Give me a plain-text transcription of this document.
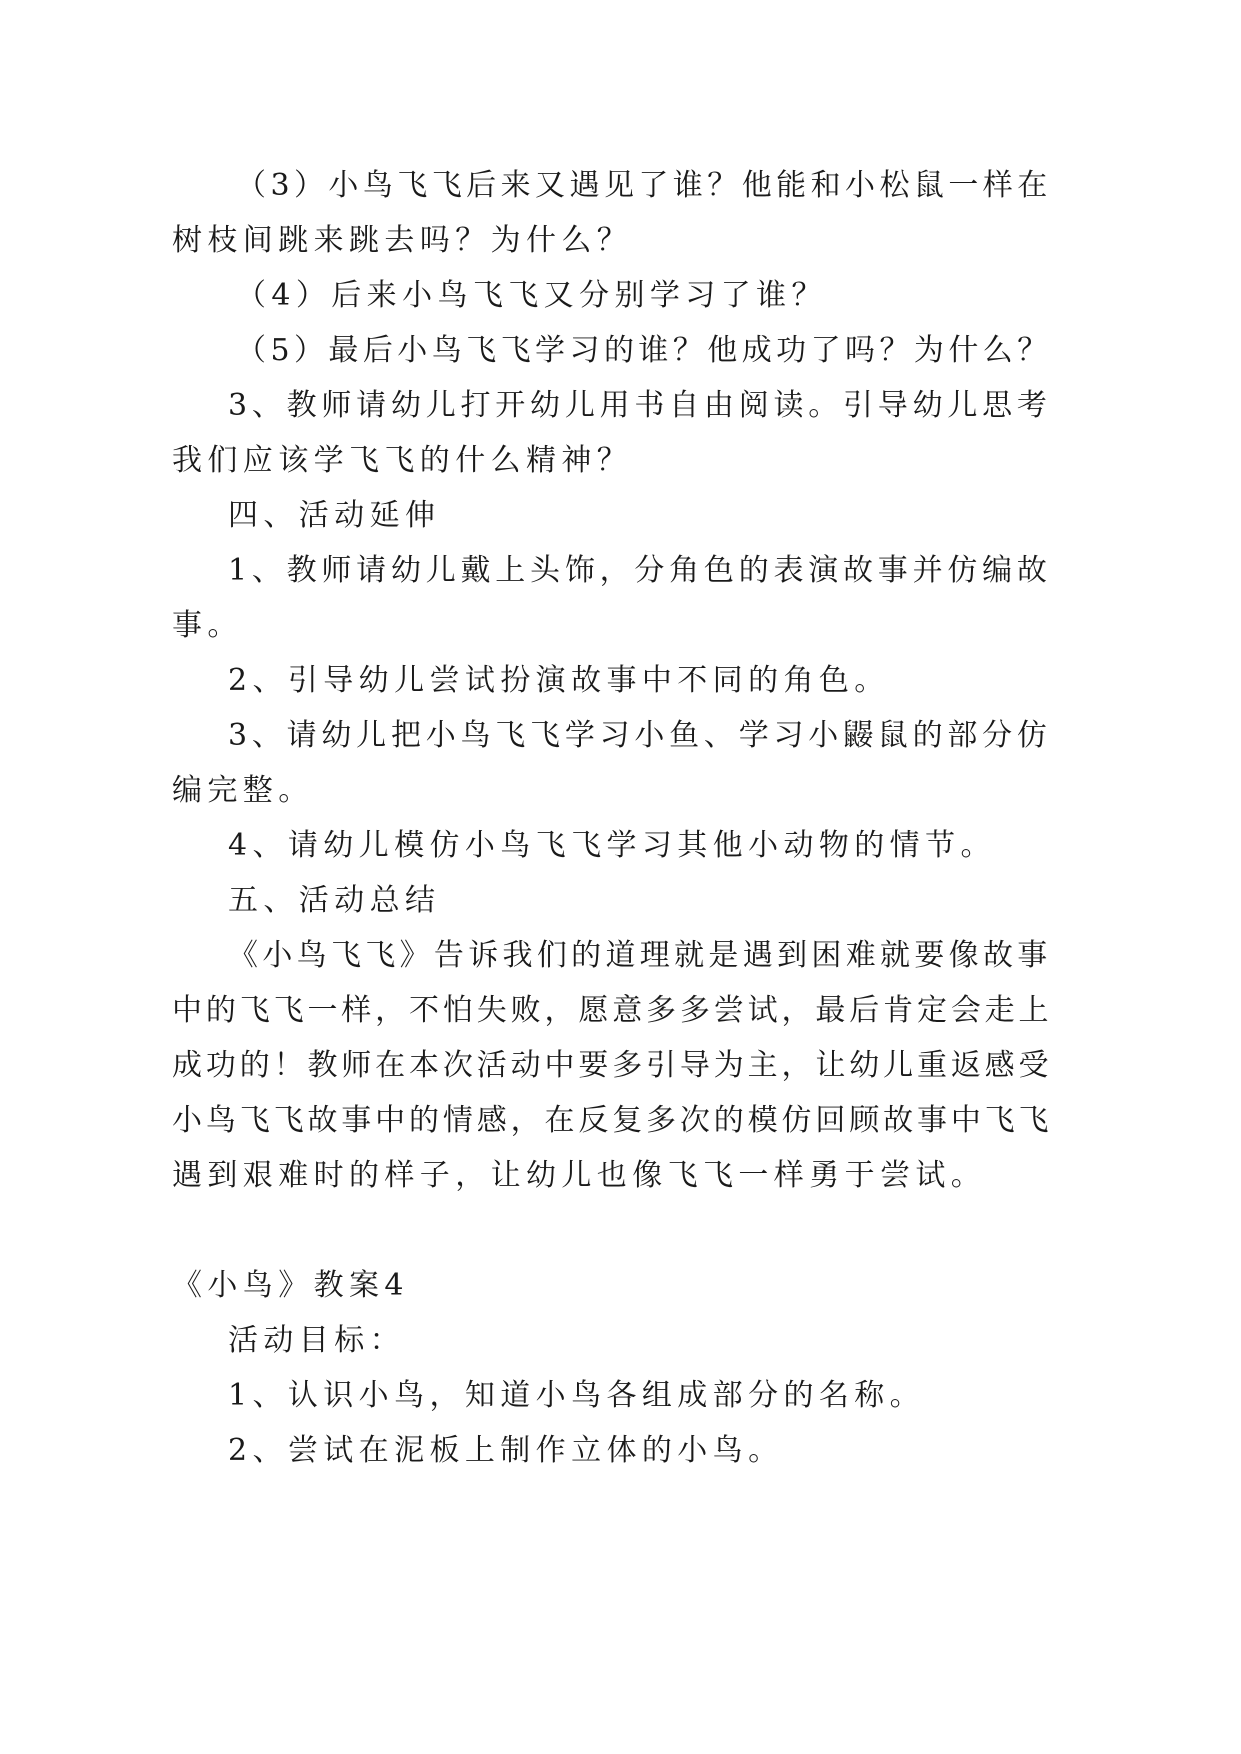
（3）小鸟飞飞后来又遇见了谁？他能和小松鼠一样在
树枝间跳来跳去吗？为什么？
（4）后来小鸟飞飞又分别学习了谁？
（5）最后小鸟飞飞学习的谁？他成功了吗？为什么？
3、教师请幼儿打开幼儿用书自由阅读。引导幼儿思考
我们应该学飞飞的什么精神？
四、活动延伸
1、教师请幼儿戴上头饰，分角色的表演故事并仿编故
事。
2、引导幼儿尝试扮演故事中不同的角色。
3、请幼儿把小鸟飞飞学习小鱼、学习小鼹鼠的部分仿
编完整。
4、请幼儿模仿小鸟飞飞学习其他小动物的情节。
五、活动总结
《小鸟飞飞》告诉我们的道理就是遇到困难就要像故事
中的飞飞一样，不怕失败，愿意多多尝试，最后肯定会走上
成功的！教师在本次活动中要多引导为主，让幼儿重返感受
小鸟飞飞故事中的情感，在反复多次的模仿回顾故事中飞飞
遇到艰难时的样子，让幼儿也像飞飞一样勇于尝试。
《小鸟》教案4
活动目标：
1、认识小鸟，知道小鸟各组成部分的名称。
2、尝试在泥板上制作立体的小鸟。
